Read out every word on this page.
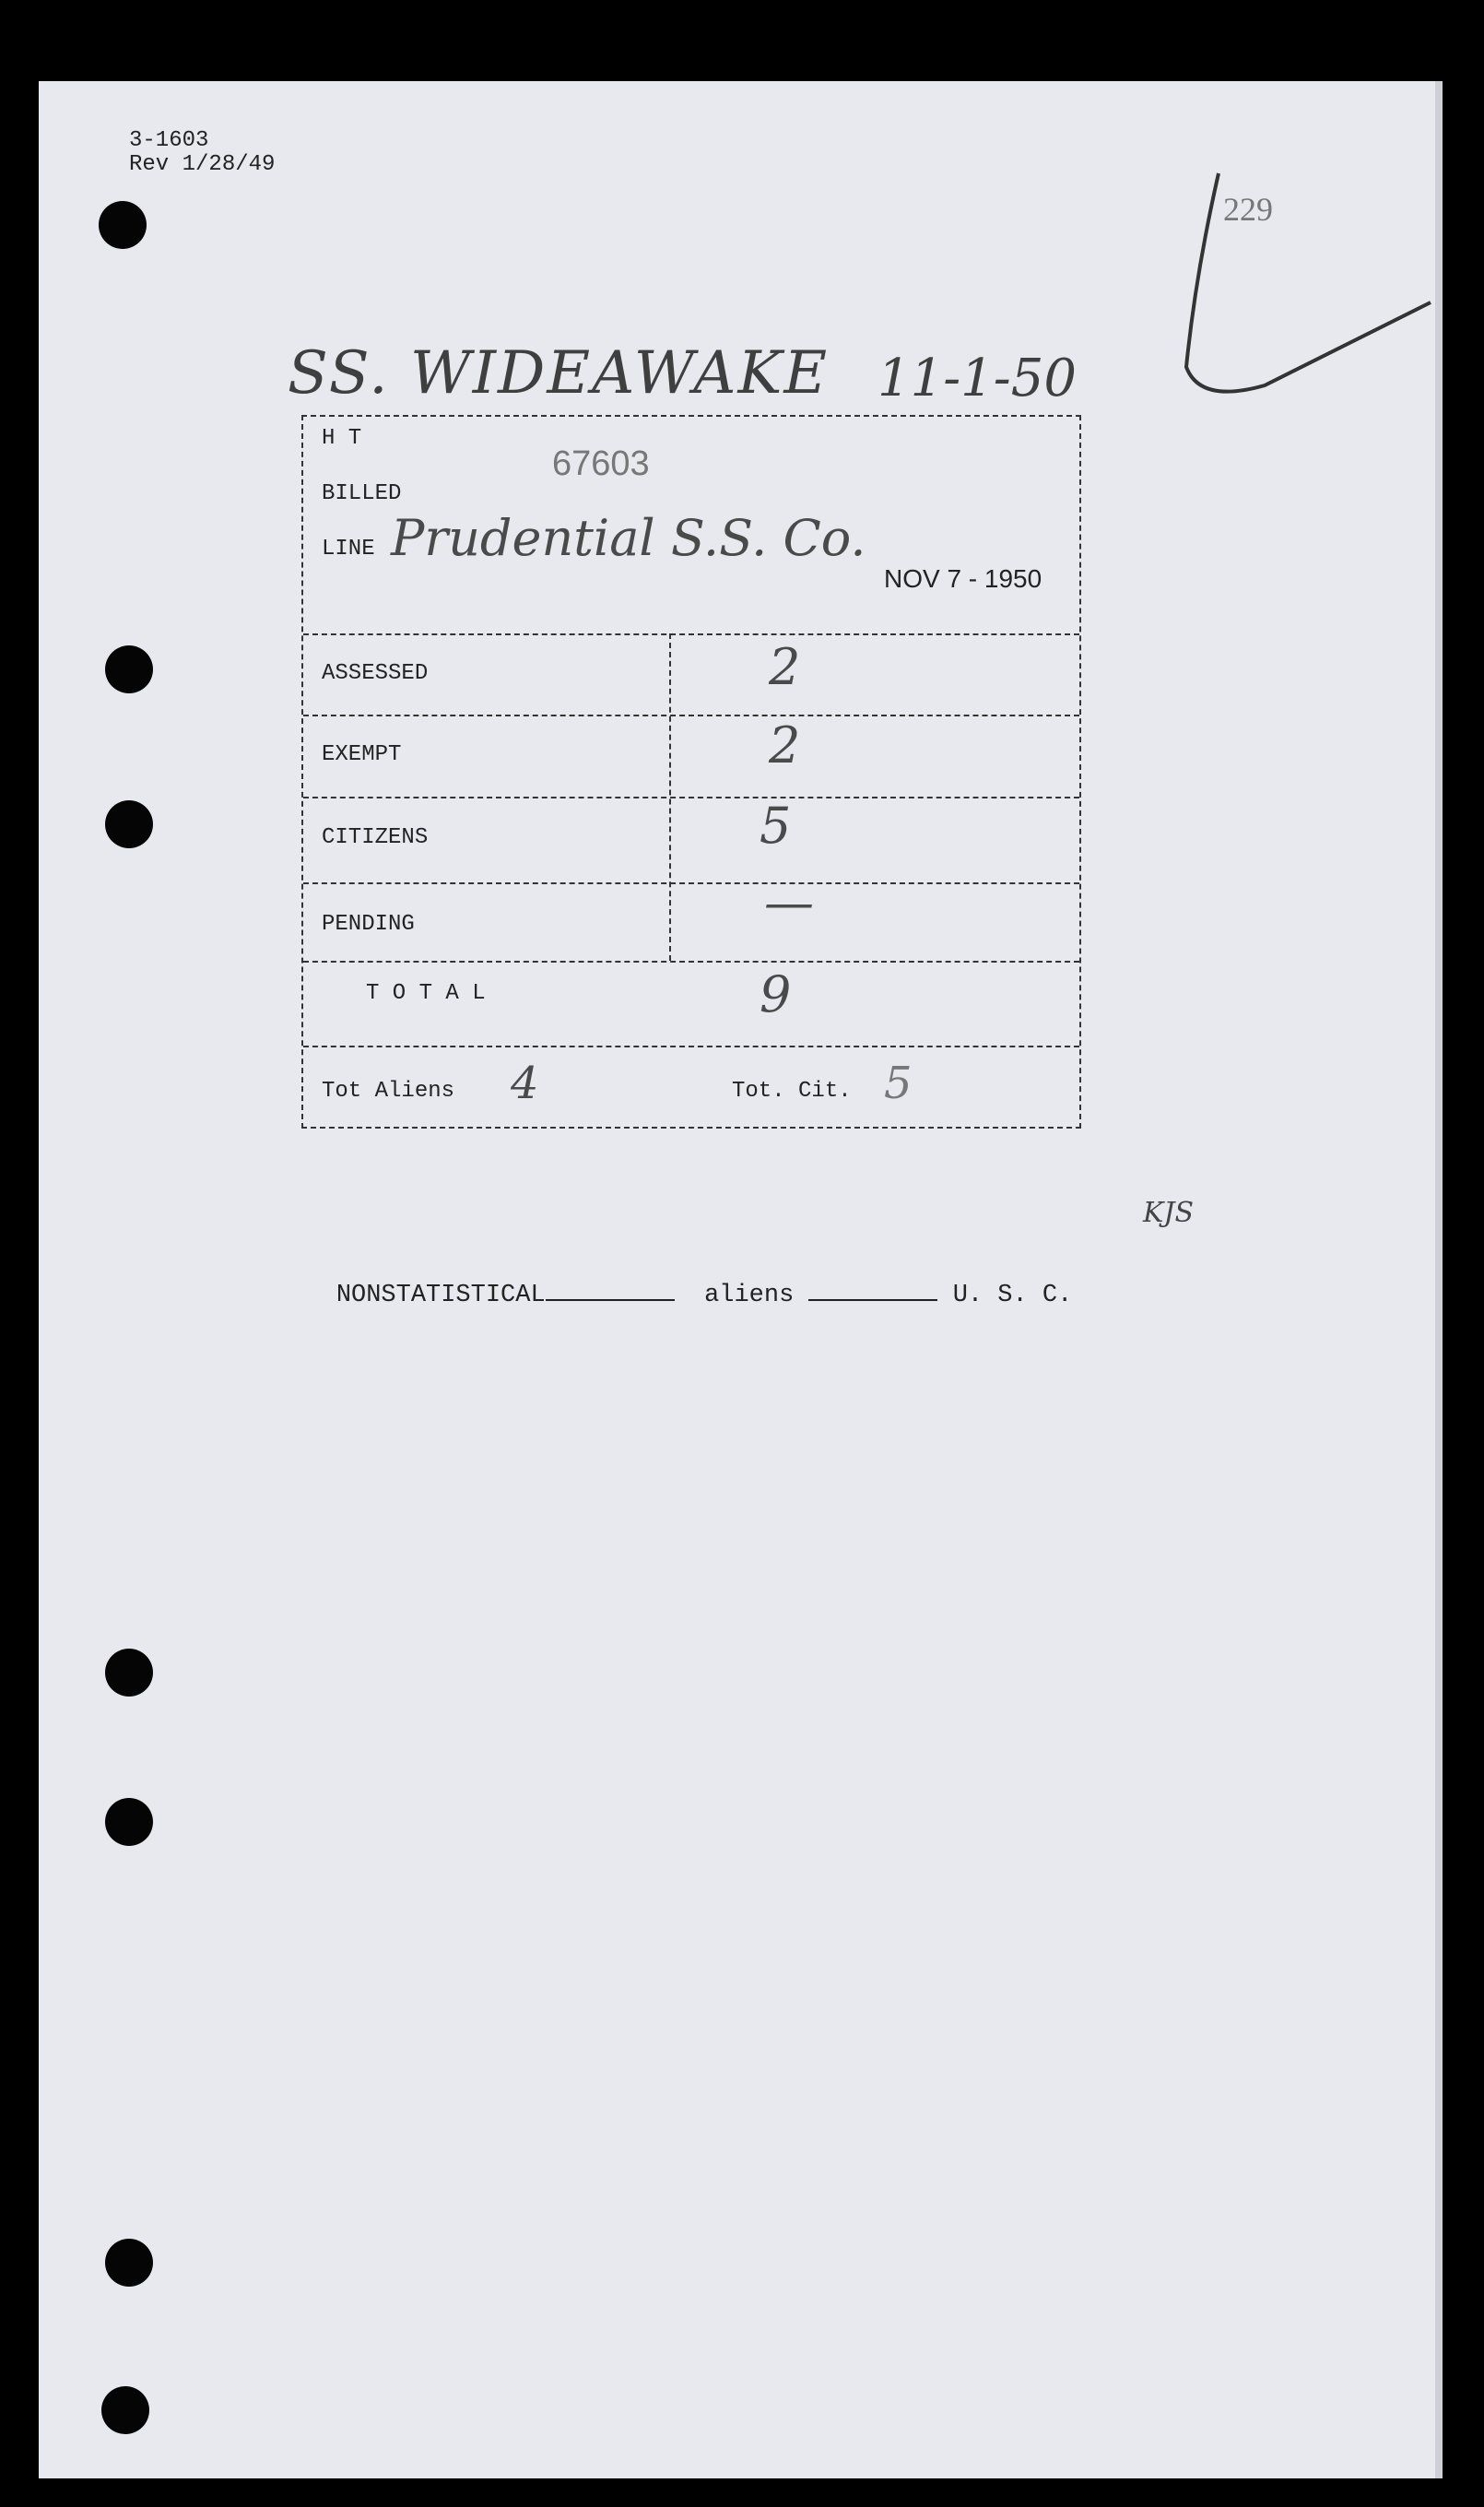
3-1603
Rev 1/28/49
229
SS. WIDEAWAKE 11-1-50
H T
67603
BILLED
LINE Prudential S.S. Co.
NOV 7 - 1950
ASSESSED	2
EXEMPT	2
CITIZENS	5
PENDING	—
T O T A L	9
Tot Aliens 4	Tot. Cit. 5
KJS

NONSTATISTICAL	aliens	U. S. C.
